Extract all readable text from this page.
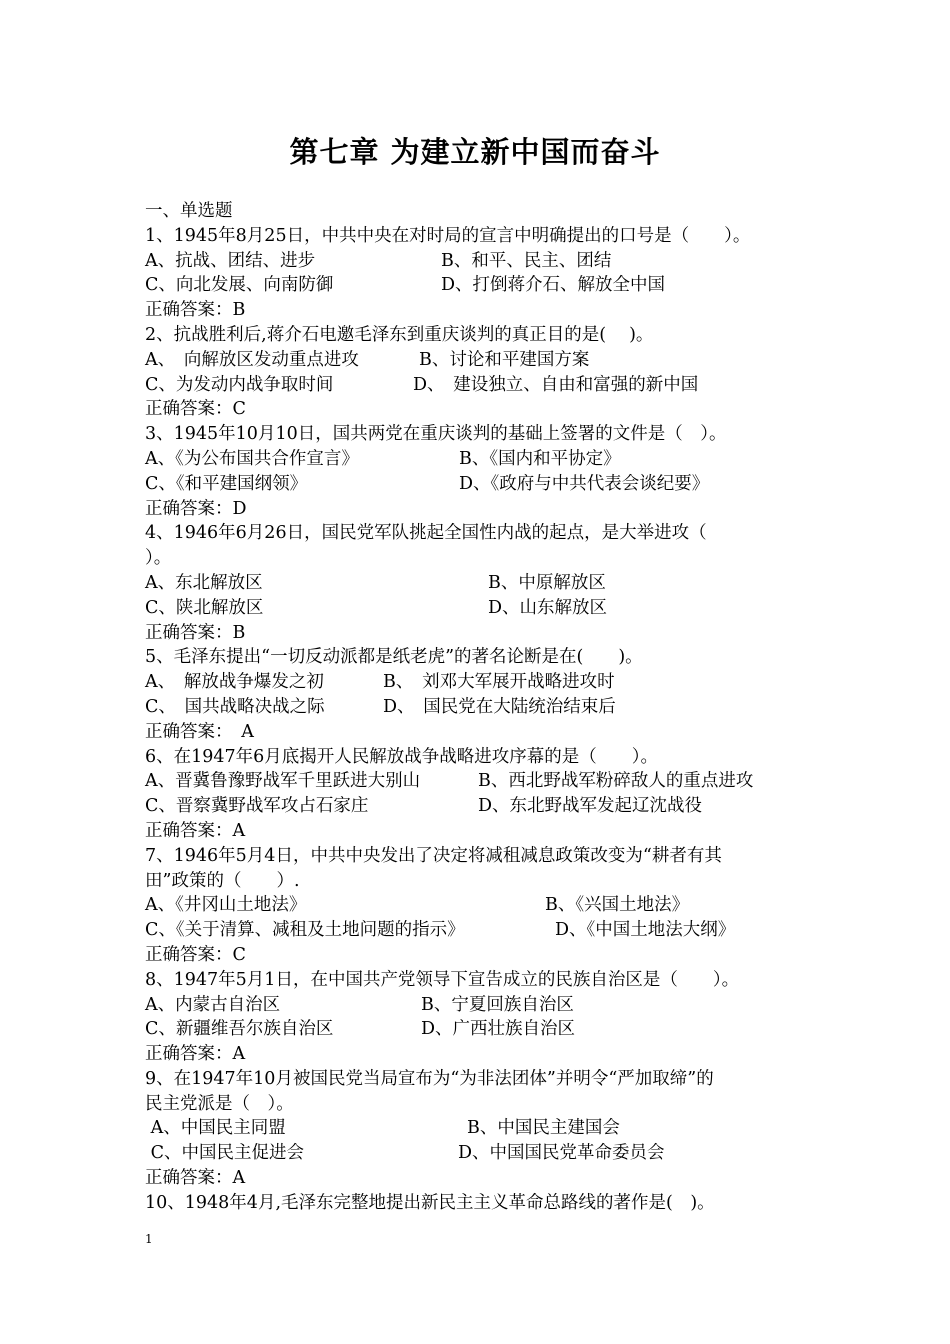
第七章 为建立新中国而奋斗
一、单选题
1、1945年8月25日，中共中央在对时局的宣言中明确提出的口号是（　　）。
A、抗战、团结、进步	B、和平、民主、团结
C、向北发展、向南防御	D、打倒蒋介石、解放全中国
正确答案：B
2、抗战胜利后,蒋介石电邀毛泽东到重庆谈判的真正目的是(　 )。
A、　向解放区发动重点进攻	B、讨论和平建国方案
C、为发动内战争取时间	D、　建设独立、自由和富强的新中国
正确答案：C
3、1945年10月10日，国共两党在重庆谈判的基础上签署的文件是（　）。
A、《为公布国共合作宣言》	B、《国内和平协定》
C、《和平建国纲领》	D、《政府与中共代表会谈纪要》
正确答案：D
4、1946年6月26日，国民党军队挑起全国性内战的起点，是大举进攻（
）。
A、东北解放区	B、中原解放区
C、陕北解放区	D、山东解放区
正确答案：B
5、毛泽东提出“一切反动派都是纸老虎”的著名论断是在(　　)。
A、　解放战争爆发之初	B、　刘邓大军展开战略进攻时
C、　国共战略决战之际	D、　国民党在大陆统治结束后
正确答案：　A
6、在1947年6月底揭开人民解放战争战略进攻序幕的是（　　）。
A、晋冀鲁豫野战军千里跃进大别山	B、西北野战军粉碎敌人的重点进攻
C、晋察冀野战军攻占石家庄	D、东北野战军发起辽沈战役
正确答案：A
7、1946年5月4日，中共中央发出了决定将减租减息政策改变为“耕者有其
田”政策的（　　）.
A、《井冈山土地法》	B、《兴国土地法》
C、《关于清算、减租及土地问题的指示》	D、《中国土地法大纲》
正确答案：C
8、1947年5月1日，在中国共产党领导下宣告成立的民族自治区是（　　）。
A、内蒙古自治区	B、宁夏回族自治区
C、新疆维吾尔族自治区	D、广西壮族自治区
正确答案：A
9、在1947年10月被国民党当局宣布为“为非法团体”并明令“严加取缔”的
民主党派是（　）。
A、中国民主同盟	B、中国民主建国会
C、中国民主促进会	D、中国国民党革命委员会
正确答案：A
10、1948年4月,毛泽东完整地提出新民主主义革命总路线的著作是(　)。
1
